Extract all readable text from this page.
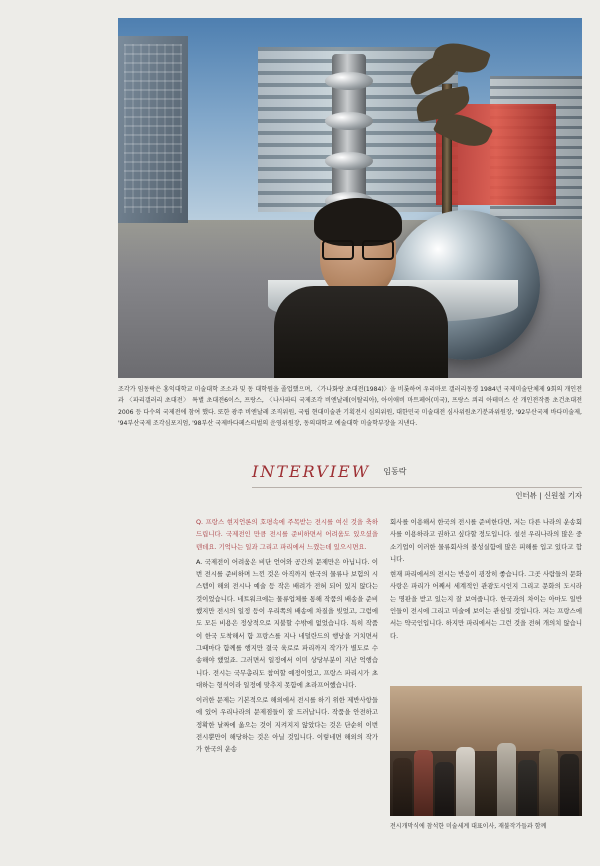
조각가 임동락은 홍익대학교 미술대학 조소과 및 동 대학원을 졸업했으며, 〈가나화랑 초대전(1984)〉을 비롯하여 우리마로 갤러리동경 1984년 국제미술단체제 9회의 개인전과 〈파리갤러리 초대전〉 특별 초대전6이스, 프랑스, 〈나사파티 국제조각 비엔날레(이탈리아), 아이애비 마트페어(미국), 프랑스 쾨리 아테미스 산 개인전작품 초건초대전2006 등 다수의 국제전에 참여 했다. 또한 광주 비엔날레 조직위원, 국립 현대미술관 기획전시 심의위원, 대한민국 미술대전 심사위원초기분과위원장, '92부산국제 바다미술제, '94부산국제 조각심포지엄, '98부산 국제바다페스티벌의 운영위원장, 동의대학교 예술대학 미술학부장을 지낸다.
INTERVIEW 임동락
인터뷰 | 신원철 기자
Q. 프랑스 현지언론의 호평속에 주목받는 전시를 여신 것을 축하드립니다. 국제전인 만큼 전시를 준비하면서 어려움도 있으셨을 텐데요. 기억나는 일과 그리고 파리에서 느꼈는데 있으시면요.
A. 국제전이 어려움은 비단 언어와 공간의 문제만은 아닙니다. 이번 전시를 준비하며 느낀 것은 아직까지 한국의 물류나 보험의 시스템이 해외 전시나 예술 등 작은 배려가 전혀 되어 있지 않다는 것이었습니다. 네트워크에는 물류업체를 통해 작품의 배송을 준비했지만 전시의 일정 등이 우리쪽의 배송에 차질을 빚었고, 그럼에도 모든 비용은 정상적으로 지불할 수밖에 없었습니다. 특히 작품이 한국 도착해서 함 프랑스를 지나 네덜란드의 행낭을 거치면서 그때마다 함께를 행지만 결국 육로로 파리까지 작가가 별도로 수송해야 했었죠. 그러면서 일정에서 이미 상당부분이 지난 억행습니다. 전시는 국무총리도 참여할 예정이었고, 프랑스 파리시가 초대하는 형식이라 일정에 맞추지 못함에 초라프어했습니다.
이러한 문제는 기본적으로 해외에서 전시를 하기 위한 제반사항들에 있어 우리나라의 문제점들이 잘 드러납니다. 작품을 안전하고 정확한 날짜에 옮으는 것이 지켜지지 않았다는 것은 단순히 이번 전시뿐만이 해당하는 것은 아닐 것입니다. 이렇네면 해외의 작가가 한국의 운송
회사를 이용해서 한국의 전시를 준비한다면, 저는 다른 나라의 운송회사를 이용하라고 권하고 싶다할 정도입니다. 설선 우리나라의 많은 중소기업이 이러한 물류회사의 불성실함에 많은 피해를 입고 있다고 합니다.
현재 파리에서의 전시는 반응이 굉장히 좋습니다. 그곳 사람들의 문화사랑은 파리가 어째서 세계적인 관광도시인지 그리고 문화의 도시라는 명판을 받고 있는지 잘 보여줍니다. 한국과의 차이는 아마도 일반인들이 전시에 그리고 미술에 보이는 관심일 것입니다. 저는 프랑스에서는 약국인입니다. 하지만 파리에서는 그런 것을 전혀 개의치 않습니다.
전시개막식에 참석한 미술세계 대표이사, 재불작가들과 함께
